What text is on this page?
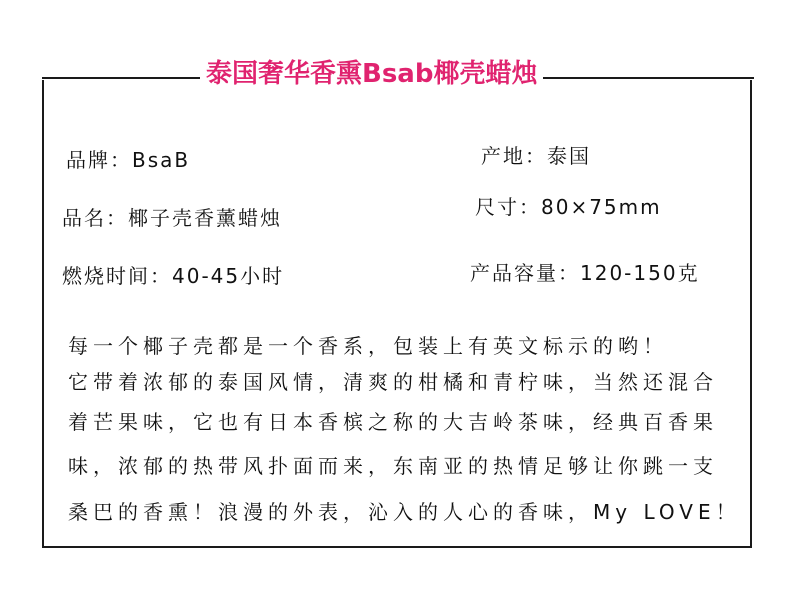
泰国奢华香熏Bsab椰壳蜡烛
品牌：BsaB	产地：泰国
品名：椰子壳香薰蜡烛	尺寸：80×75mm
燃烧时间：40-45小时	产品容量：120-150克

每一个椰子壳都是一个香系，包装上有英文标示的哟！

它带着浓郁的泰国风情，清爽的柑橘和青柠味，当然还混合

着芒果味，它也有日本香槟之称的大吉岭茶味，经典百香果

味，浓郁的热带风扑面而来，东南亚的热情足够让你跳一支

桑巴的香熏！浪漫的外表，沁入的人心的香味，My LOVE！
